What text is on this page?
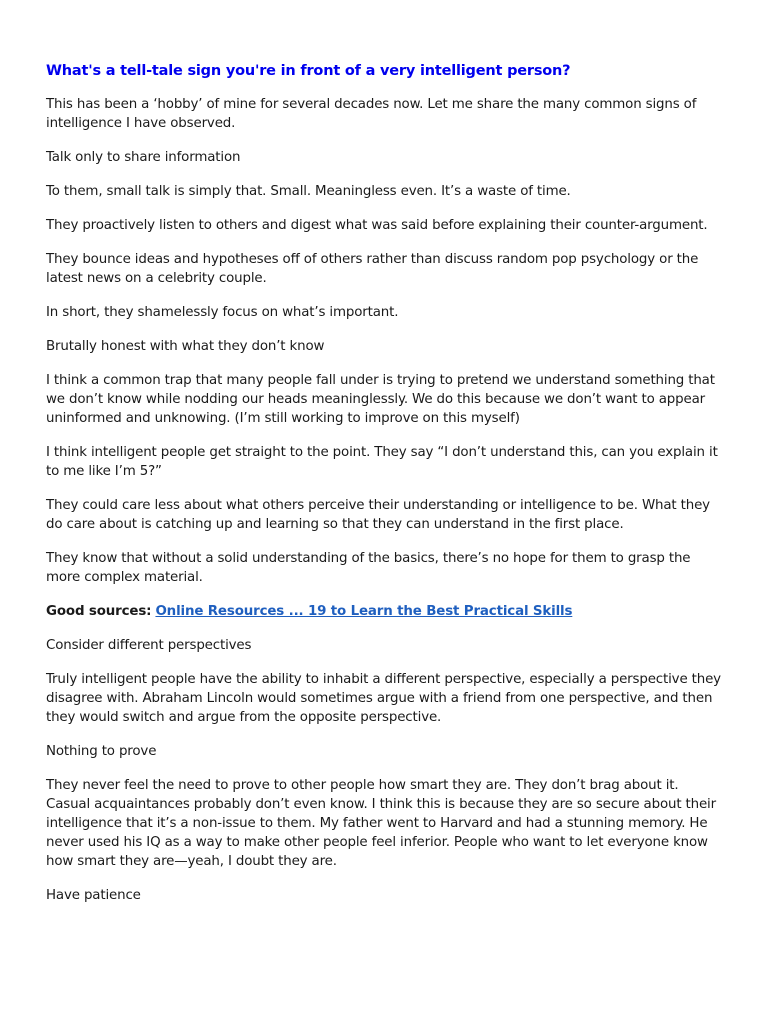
What's a tell-tale sign you're in front of a very intelligent person?

This has been a ‘hobby’ of mine for several decades now. Let me share the many common signs of intelligence I have observed.

Talk only to share information

To them, small talk is simply that. Small. Meaningless even. It’s a waste of time.

They proactively listen to others and digest what was said before explaining their counter-argument.

They bounce ideas and hypotheses off of others rather than discuss random pop psychology or the latest news on a celebrity couple.

In short, they shamelessly focus on what’s important.

Brutally honest with what they don’t know

I think a common trap that many people fall under is trying to pretend we understand something that we don’t know while nodding our heads meaninglessly. We do this because we don’t want to appear uninformed and unknowing. (I’m still working to improve on this myself)

I think intelligent people get straight to the point. They say “I don’t understand this, can you explain it to me like I’m 5?”

They could care less about what others perceive their understanding or intelligence to be. What they do care about is catching up and learning so that they can understand in the first place.

They know that without a solid understanding of the basics, there’s no hope for them to grasp the more complex material.

Good sources: Online Resources ... 19 to Learn the Best Practical Skills

Consider different perspectives

Truly intelligent people have the ability to inhabit a different perspective, especially a perspective they disagree with. Abraham Lincoln would sometimes argue with a friend from one perspective, and then they would switch and argue from the opposite perspective.

Nothing to prove

They never feel the need to prove to other people how smart they are. They don’t brag about it. Casual acquaintances probably don’t even know. I think this is because they are so secure about their intelligence that it’s a non-issue to them. My father went to Harvard and had a stunning memory. He never used his IQ as a way to make other people feel inferior. People who want to let everyone know how smart they are—yeah, I doubt they are.

Have patience
